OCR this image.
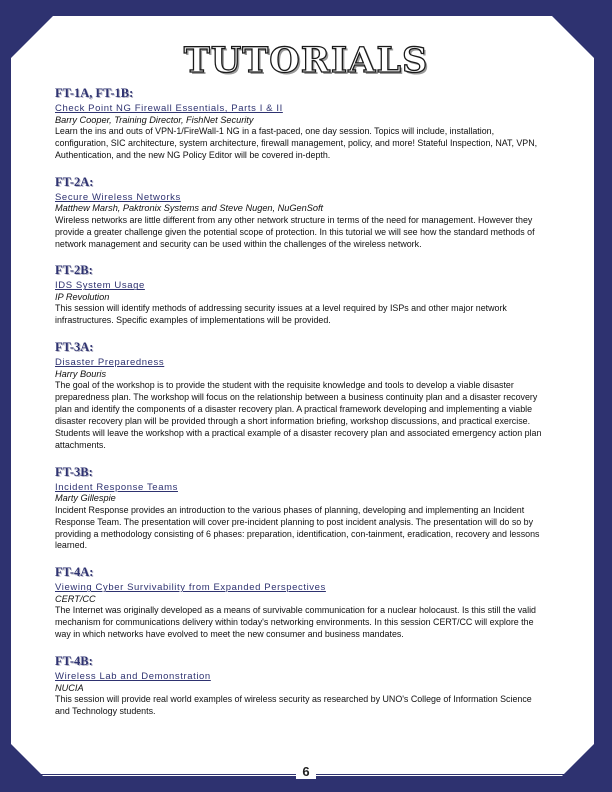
TUTORIALS
FT-1A, FT-1B:
Check Point NG Firewall Essentials, Parts I & II
Barry Cooper, Training Director, FishNet Security
Learn the ins and outs of VPN-1/FireWall-1 NG in a fast-paced, one day session. Topics will include, installation, configuration, SIC architecture, system architecture, firewall management, policy, and more! Stateful Inspection, NAT, VPN, Authentication, and the new NG Policy Editor will be covered in-depth.
FT-2A:
Secure Wireless Networks
Matthew Marsh, Paktronix Systems and Steve Nugen, NuGenSoft
Wireless networks are little different from any other network structure in terms of the need for management. However they provide a greater challenge given the potential scope of protection. In this tutorial we will see how the standard methods of network management and security can be used within the challenges of the wireless network.
FT-2B:
IDS System Usage
IP Revolution
This session will identify methods of addressing security issues at a level required by ISPs and other major network infrastructures. Specific examples of implementations will be provided.
FT-3A:
Disaster Preparedness
Harry Bouris
The goal of the workshop is to provide the student with the requisite knowledge and tools to develop a viable disaster preparedness plan. The workshop will focus on the relationship between a business continuity plan and a disaster recovery plan and identify the components of a disaster recovery plan. A practical framework developing and implementing a viable disaster recovery plan will be provided through a short information briefing, workshop discussions, and practical exercise. Students will leave the workshop with a practical example of a disaster recovery plan and associated emergency action plan attachments.
FT-3B:
Incident Response Teams
Marty Gillespie
Incident Response provides an introduction to the various phases of planning, developing and implementing an Incident Response Team. The presentation will cover pre-incident planning to post incident analysis. The presentation will do so by providing a methodology consisting of 6 phases: preparation, identification, con-tainment, eradication, recovery and lessons learned.
FT-4A:
Viewing Cyber Survivability from Expanded Perspectives
CERT/CC
The Internet was originally developed as a means of survivable communication for a nuclear holocaust. Is this still the valid mechanism for communications delivery within today's networking environments. In this session CERT/CC will explore the way in which networks have evolved to meet the new consumer and business mandates.
FT-4B:
Wireless Lab and Demonstration
NUCIA
This session will provide real world examples of wireless security as researched by UNO's College of Information Science and Technology students.
6
